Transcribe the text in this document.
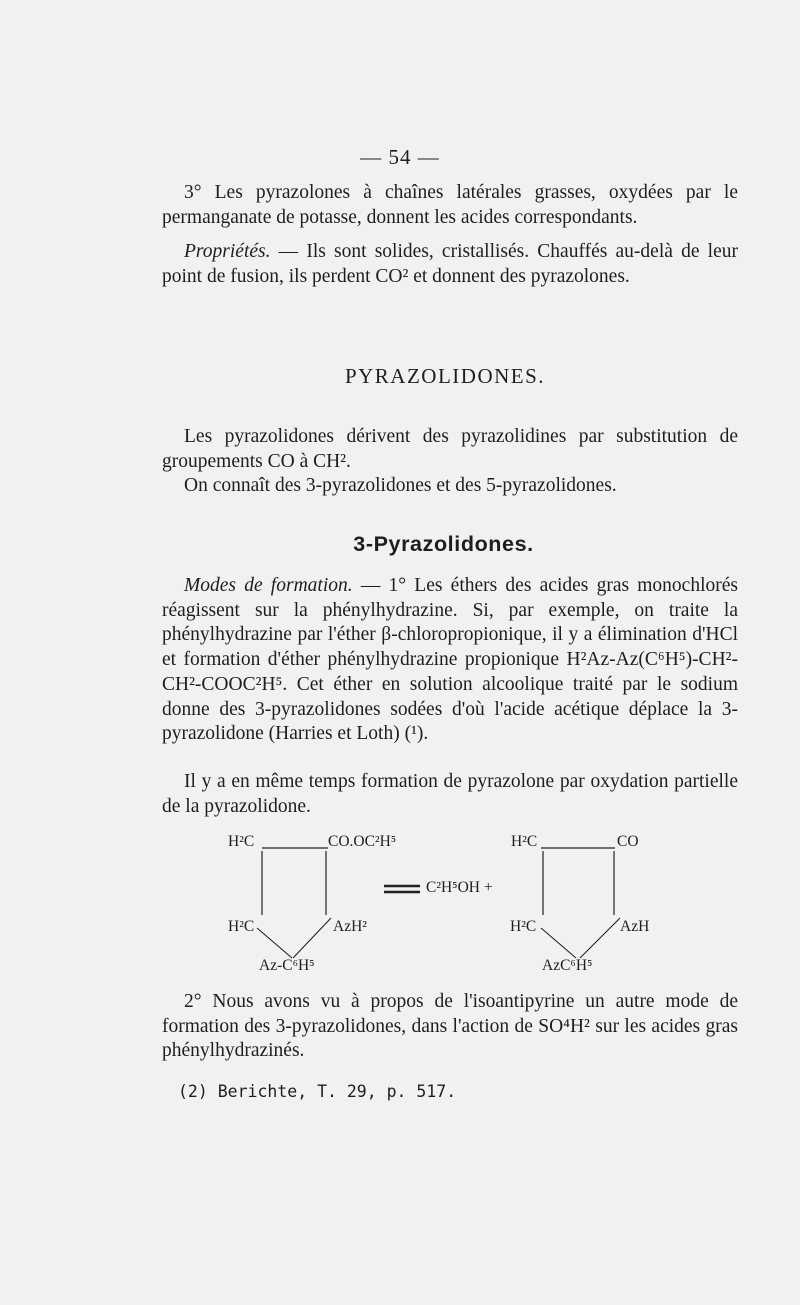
— 54 —
3° Les pyrazolones à chaînes latérales grasses, oxydées par le permanganate de potasse, donnent les acides correspondants.
Propriétés. — Ils sont solides, cristallisés. Chauffés au-delà de leur point de fusion, ils perdent CO² et donnent des pyrazolones.
PYRAZOLIDONES.
Les pyrazolidones dérivent des pyrazolidines par substitution de groupements CO à CH².
On connaît des 3-pyrazolidones et des 5-pyrazolidones.
3-Pyrazolidones.
Modes de formation. — 1° Les éthers des acides gras monochlorés réagissent sur la phénylhydrazine. Si, par exemple, on traite la phénylhydrazine par l'éther β-chloropropionique, il y a élimination d'HCl et formation d'éther phénylhydrazine propionique H²Az-Az(C⁶H⁵)-CH²-CH²-COOC²H⁵. Cet éther en solution alcoolique traité par le sodium donne des 3-pyrazolidones sodées d'où l'acide acétique déplace la 3-pyrazolidone (Harries et Loth) (¹).
Il y a en même temps formation de pyrazolone par oxydation partielle de la pyrazolidone.
H²C	CO.OC²H⁵
H²C	AzH²
Az-C⁶H⁵
C²H⁵OH +
H²C	CO
H²C	AzH
AzC⁶H⁵
2° Nous avons vu à propos de l'isoantipyrine un autre mode de formation des 3-pyrazolidones, dans l'action de SO⁴H² sur les acides gras phénylhydrazinés.
(2) Berichte, T. 29, p. 517.
